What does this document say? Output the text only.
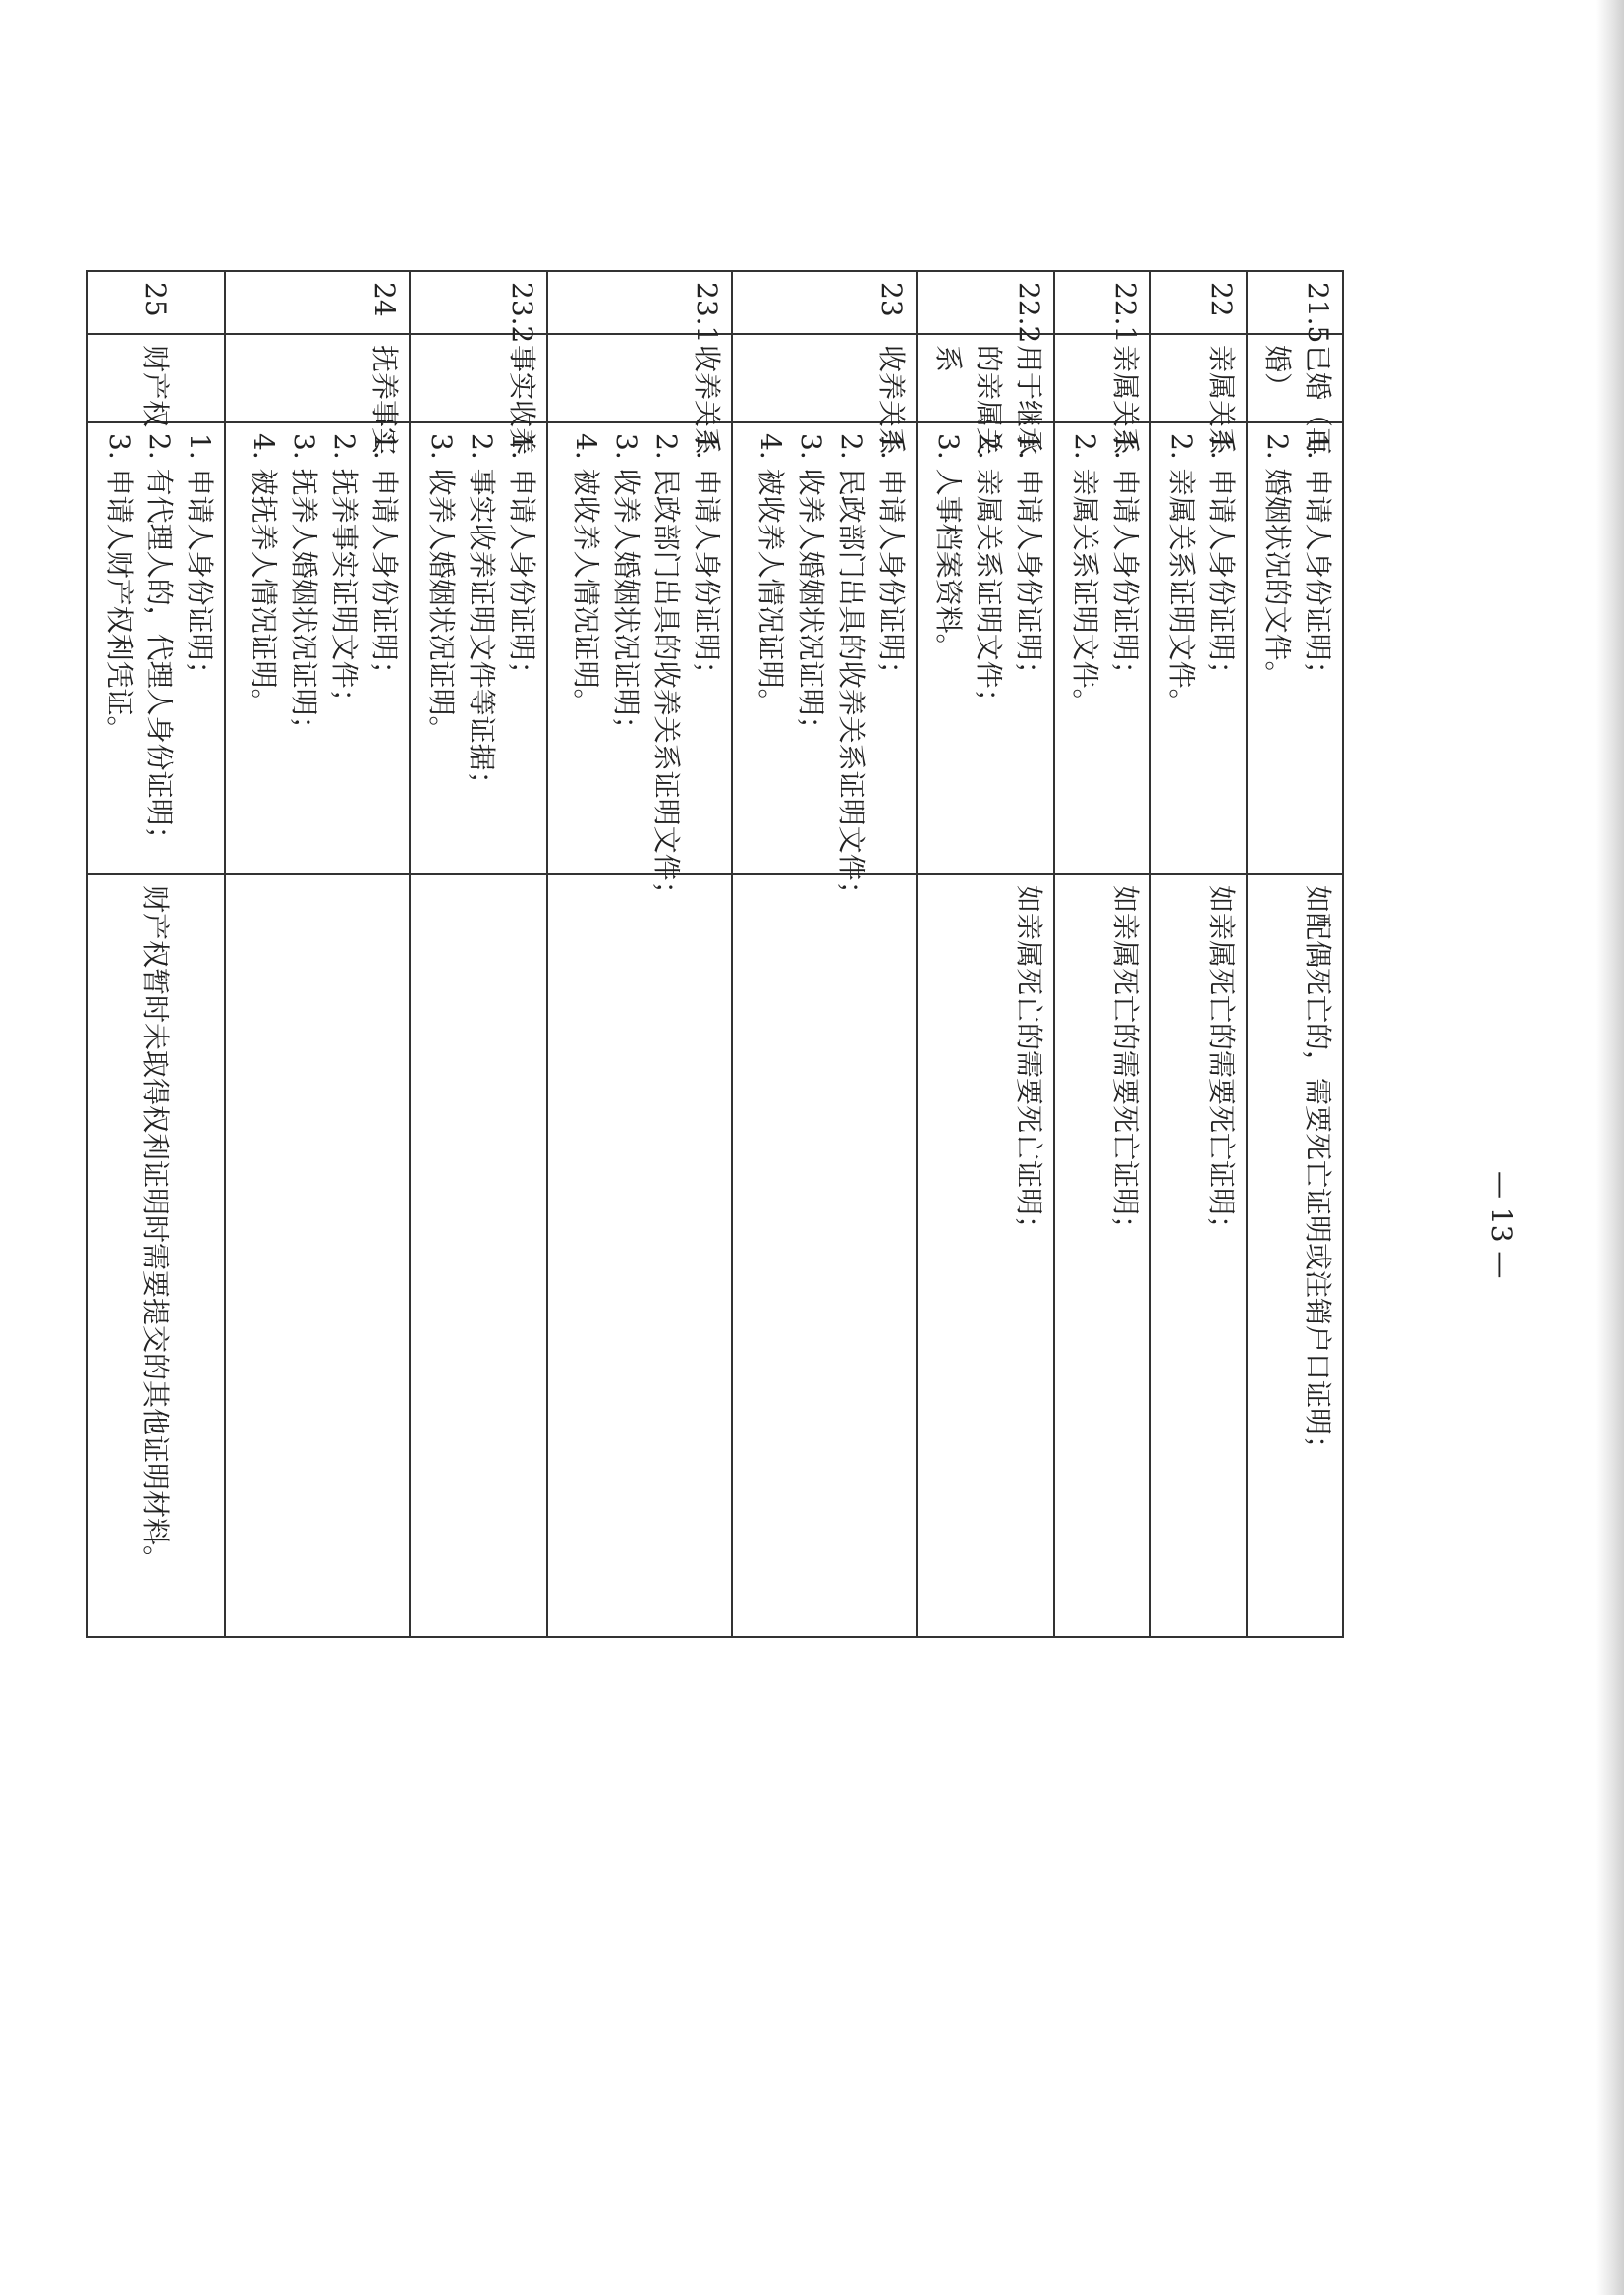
21.5	已婚（再
婚）	1. 申请人身份证明；
2. 婚姻状况的文件。	如配偶死亡的，需要死亡证明或注销户口证明；

22	亲属关系	1. 申请人身份证明；
2. 亲属关系证明文件。	如亲属死亡的需要死亡证明；

22.1	亲属关系	1. 申请人身份证明；
2. 亲属关系证明文件。	如亲属死亡的需要死亡证明；

22.2	用于继承
的亲属关
系	1. 申请人身份证明；
2. 亲属关系证明文件；
3. 人事档案资料。	如亲属死亡的需要死亡证明；

23	收养关系	1. 申请人身份证明；
2. 民政部门出具的收养关系证明文件；
3. 收养人婚姻状况证明；
4. 被收养人情况证明。	

23.1	收养关系	1. 申请人身份证明；
2. 民政部门出具的收养关系证明文件；
3. 收养人婚姻状况证明；
4. 被收养人情况证明。	

23.2	事实收养	1. 申请人身份证明；
2. 事实收养证明文件等证据；
3. 收养人婚姻状况证明。	

24	抚养事实	1. 申请人身份证明；
2. 抚养事实证明文件；
3. 抚养人婚姻状况证明；
4. 被抚养人情况证明。	

25	财产权	1. 申请人身份证明；
2. 有代理人的，代理人身份证明；
3. 申请人财产权利凭证。	财产权暂时未取得权利证明时需要提交的其他证明材料。	— 13 —
